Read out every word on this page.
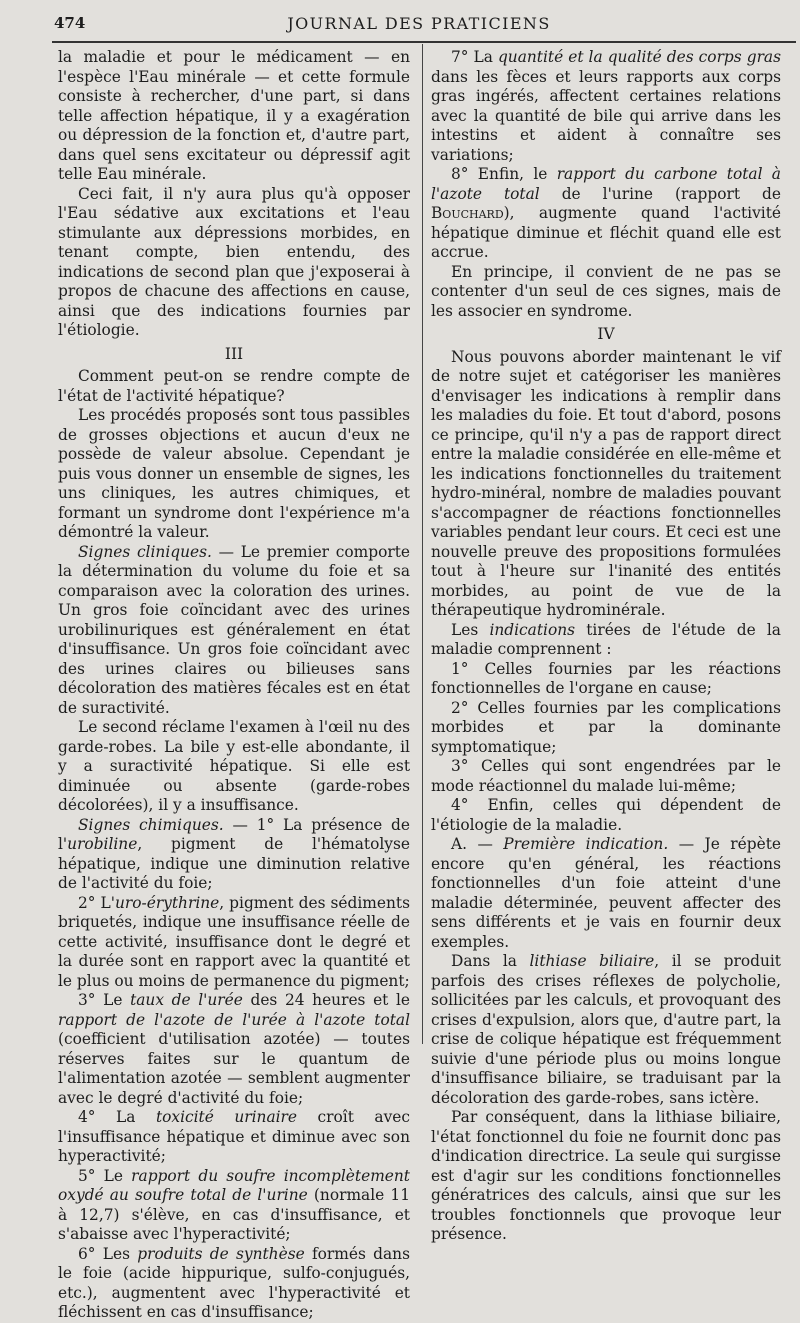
474	JOURNAL DES PRATICIENS

la maladie et pour le médicament — en l'espèce l'Eau minérale — et cette formule consiste à rechercher, d'une part, si dans telle affection hépatique, il y a exagération ou dépression de la fonction et, d'autre part, dans quel sens excitateur ou dépressif agit telle Eau minérale.

Ceci fait, il n'y aura plus qu'à opposer l'Eau sédative aux excitations et l'eau stimulante aux dépressions morbides, en tenant compte, bien entendu, des indications de second plan que j'exposerai à propos de chacune des affections en cause, ainsi que des indications fournies par l'étiologie.

III

Comment peut-on se rendre compte de l'état de l'activité hépatique?

Les procédés proposés sont tous passibles de grosses objections et aucun d'eux ne possède de valeur absolue. Cependant je puis vous donner un ensemble de signes, les uns cliniques, les autres chimiques, et formant un syndrome dont l'expérience m'a démontré la valeur.

Signes cliniques. — Le premier comporte la détermination du volume du foie et sa comparaison avec la coloration des urines. Un gros foie coïncidant avec des urines urobilinuriques est généralement en état d'insuffisance. Un gros foie coïncidant avec des urines claires ou bilieuses sans décoloration des matières fécales est en état de suractivité.

Le second réclame l'examen à l'œil nu des garde-robes. La bile y est-elle abondante, il y a suractivité hépatique. Si elle est diminuée ou absente (garde-robes décolorées), il y a insuffisance.

Signes chimiques. — 1° La présence de l'urobiline, pigment de l'hématolyse hépatique, indique une diminution relative de l'activité du foie;

2° L'uro-érythrine, pigment des sédiments briquetés, indique une insuffisance réelle de cette activité, insuffisance dont le degré et la durée sont en rapport avec la quantité et le plus ou moins de permanence du pigment;

3° Le taux de l'urée des 24 heures et le rapport de l'azote de l'urée à l'azote total (coefficient d'utilisation azotée) — toutes réserves faites sur le quantum de l'alimentation azotée — semblent augmenter avec le degré d'activité du foie;

4° La toxicité urinaire croît avec l'insuffisance hépatique et diminue avec son hyperactivité;

5° Le rapport du soufre incomplètement oxydé au soufre total de l'urine (normale 11 à 12,7) s'élève, en cas d'insuffisance, et s'abaisse avec l'hyperactivité;

6° Les produits de synthèse formés dans le foie (acide hippurique, sulfo-conjugués, etc.), augmentent avec l'hyperactivité et fléchissent en cas d'insuffisance;

7° La quantité et la qualité des corps gras dans les fèces et leurs rapports aux corps gras ingérés, affectent certaines relations avec la quantité de bile qui arrive dans les intestins et aident à connaître ses variations;

8° Enfin, le rapport du carbone total à l'azote total de l'urine (rapport de Bouchard), augmente quand l'activité hépatique diminue et fléchit quand elle est accrue.

En principe, il convient de ne pas se contenter d'un seul de ces signes, mais de les associer en syndrome.

IV

Nous pouvons aborder maintenant le vif de notre sujet et catégoriser les manières d'envisager les indications à remplir dans les maladies du foie. Et tout d'abord, posons ce principe, qu'il n'y a pas de rapport direct entre la maladie considérée en elle-même et les indications fonctionnelles du traitement hydro-minéral, nombre de maladies pouvant s'accompagner de réactions fonctionnelles variables pendant leur cours. Et ceci est une nouvelle preuve des propositions formulées tout à l'heure sur l'inanité des entités morbides, au point de vue de la thérapeutique hydrominérale.

Les indications tirées de l'étude de la maladie comprennent :

1° Celles fournies par les réactions fonctionnelles de l'organe en cause;

2° Celles fournies par les complications morbides et par la dominante symptomatique;

3° Celles qui sont engendrées par le mode réactionnel du malade lui-même;

4° Enfin, celles qui dépendent de l'étiologie de la maladie.

A. — Première indication. — Je répète encore qu'en général, les réactions fonctionnelles d'un foie atteint d'une maladie déterminée, peuvent affecter des sens différents et je vais en fournir deux exemples.

Dans la lithiase biliaire, il se produit parfois des crises réflexes de polycholie, sollicitées par les calculs, et provoquant des crises d'expulsion, alors que, d'autre part, la crise de colique hépatique est fréquemment suivie d'une période plus ou moins longue d'insuffisance biliaire, se traduisant par la décoloration des garde-robes, sans ictère.

Par conséquent, dans la lithiase biliaire, l'état fonctionnel du foie ne fournit donc pas d'indication directrice. La seule qui surgisse est d'agir sur les conditions fonctionnelles génératrices des calculs, ainsi que sur les troubles fonctionnels que provoque leur présence.
